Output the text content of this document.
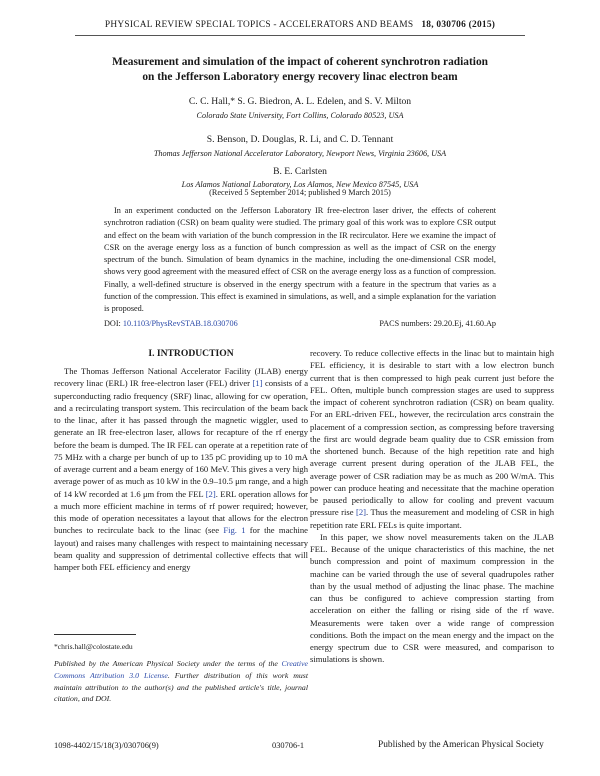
PHYSICAL REVIEW SPECIAL TOPICS - ACCELERATORS AND BEAMS 18, 030706 (2015)
Measurement and simulation of the impact of coherent synchrotron radiation
on the Jefferson Laboratory energy recovery linac electron beam
C. C. Hall,* S. G. Biedron, A. L. Edelen, and S. V. Milton
Colorado State University, Fort Collins, Colorado 80523, USA
S. Benson, D. Douglas, R. Li, and C. D. Tennant
Thomas Jefferson National Accelerator Laboratory, Newport News, Virginia 23606, USA
B. E. Carlsten
Los Alamos National Laboratory, Los Alamos, New Mexico 87545, USA
(Received 5 September 2014; published 9 March 2015)
In an experiment conducted on the Jefferson Laboratory IR free-electron laser driver, the effects of coherent synchrotron radiation (CSR) on beam quality were studied. The primary goal of this work was to explore CSR output and effect on the beam with variation of the bunch compression in the IR recirculator. Here we examine the impact of CSR on the average energy loss as a function of bunch compression as well as the impact of CSR on the energy spectrum of the bunch. Simulation of beam dynamics in the machine, including the one-dimensional CSR model, shows very good agreement with the measured effect of CSR on the average energy loss as a function of compression. Finally, a well-defined structure is observed in the energy spectrum with a feature in the spectrum that varies as a function of the compression. This effect is examined in simulations, as well, and a simple explanation for the variation is proposed.
DOI: 10.1103/PhysRevSTAB.18.030706	PACS numbers: 29.20.Ej, 41.60.Ap
I. INTRODUCTION

The Thomas Jefferson National Accelerator Facility (JLAB) energy recovery linac (ERL) IR free-electron laser (FEL) driver [1] consists of a superconducting radio frequency (SRF) linac, allowing for cw operation, and a recirculating transport system. This recirculation of the beam back to the linac, after it has passed through the magnetic wiggler, used to generate an IR free-electron laser, allows for recapture of the rf energy before the beam is dumped. The IR FEL can operate at a repetition rate of 75 MHz with a charge per bunch of up to 135 pC providing up to 10 mA of average current and a beam energy of 160 MeV. This gives a very high average power of as much as 10 kW in the 0.9–10.5 μm range, and a high of 14 kW recorded at 1.6 μm from the FEL [2]. ERL operation allows for a much more efficient machine in terms of rf power required; however, this mode of operation necessitates a layout that allows for the electron bunches to recirculate back to the linac (see Fig. 1 for the machine layout) and raises many challenges with respect to maintaining necessary beam quality and suppression of detrimental collective effects that will hamper both FEL efficiency and energy

recovery. To reduce collective effects in the linac but to maintain high FEL efficiency, it is desirable to start with a low electron bunch current that is then compressed to high peak current just before the FEL. Often, multiple bunch compression stages are used to suppress the impact of coherent synchrotron radiation (CSR) on beam quality. For an ERL-driven FEL, however, the recirculation arcs constrain the placement of a compression section, as compressing before traversing the first arc would degrade beam quality due to CSR emission from the shortened bunch. Because of the high repetition rate and high average current present during operation of the JLAB FEL, the average power of CSR radiation may be as much as 200 W/mA. This power can produce heating and necessitate that the machine operation be paused periodically to allow for cooling and prevent vacuum pressure rise [2]. Thus the measurement and modeling of CSR in high repetition rate ERL FELs is quite important.

In this paper, we show novel measurements taken on the JLAB FEL. Because of the unique characteristics of this machine, the net bunch compression and point of maximum compression in the machine can be varied through the use of several quadrupoles rather than by the usual method of adjusting the linac phase. The machine can thus be configured to achieve compression starting from acceleration on either the falling or rising side of the rf wave. Measurements were taken over a wide range of compression conditions. Both the impact on the mean energy and the impact on the energy spectrum due to CSR were measured, and comparison to simulations is shown.

*chris.hall@colostate.edu
Published by the American Physical Society under the terms of the Creative Commons Attribution 3.0 License. Further distribution of this work must maintain attribution to the author(s) and the published article's title, journal citation, and DOI.
1098-4402/15/18(3)/030706(9)	030706-1	Published by the American Physical Society
